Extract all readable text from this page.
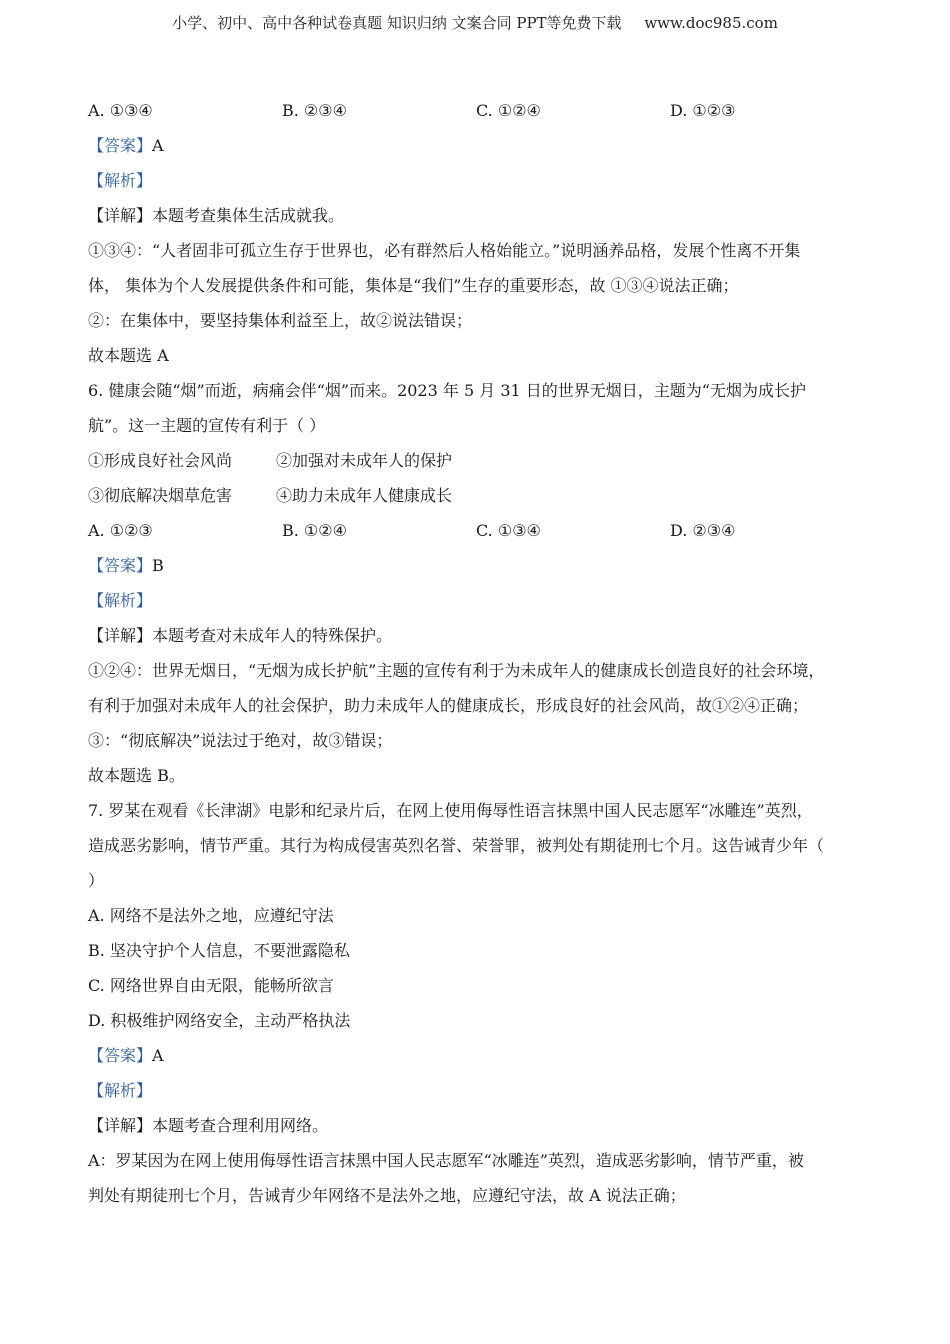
小学、初中、高中各种试卷真题 知识归纳 文案合同 PPT等免费下载 www.doc985.com
A. ①③④	B. ②③④	C. ①②④	D. ①②③
【答案】A
【解析】
【详解】本题考查集体生活成就我。
①③④：“人者固非可孤立生存于世界也，必有群然后人格始能立。”说明涵养品格，发展个性离不开集
体， 集体为个人发展提供条件和可能，集体是“我们”生存的重要形态，故 ①③④说法正确；
②：在集体中，要坚持集体利益至上，故②说法错误；
故本题选 A
6. 健康会随“烟”而逝，病痛会伴“烟”而来。2023 年 5 月 31 日的世界无烟日，主题为“无烟为成长护
航”。这一主题的宣传有利于（ ）
①形成良好社会风尚	②加强对未成年人的保护
③彻底解决烟草危害	④助力未成年人健康成长
A. ①②③	B. ①②④	C. ①③④	D. ②③④
【答案】B
【解析】
【详解】本题考查对未成年人的特殊保护。
①②④：世界无烟日，“无烟为成长护航”主题的宣传有利于为未成年人的健康成长创造良好的社会环境，
有利于加强对未成年人的社会保护，助力未成年人的健康成长，形成良好的社会风尚，故①②④正确；
③：“彻底解决”说法过于绝对，故③错误；
故本题选 B。
7. 罗某在观看《长津湖》电影和纪录片后，在网上使用侮辱性语言抹黑中国人民志愿军“冰雕连”英烈，
造成恶劣影响，情节严重。其行为构成侵害英烈名誉、荣誉罪，被判处有期徒刑七个月。这告诫青少年（
）
A. 网络不是法外之地，应遵纪守法
B. 坚决守护个人信息，不要泄露隐私
C. 网络世界自由无限，能畅所欲言
D. 积极维护网络安全，主动严格执法
【答案】A
【解析】
【详解】本题考查合理利用网络。
A：罗某因为在网上使用侮辱性语言抹黑中国人民志愿军“冰雕连”英烈，造成恶劣影响，情节严重，被
判处有期徒刑七个月，告诫青少年网络不是法外之地，应遵纪守法，故 A 说法正确；
